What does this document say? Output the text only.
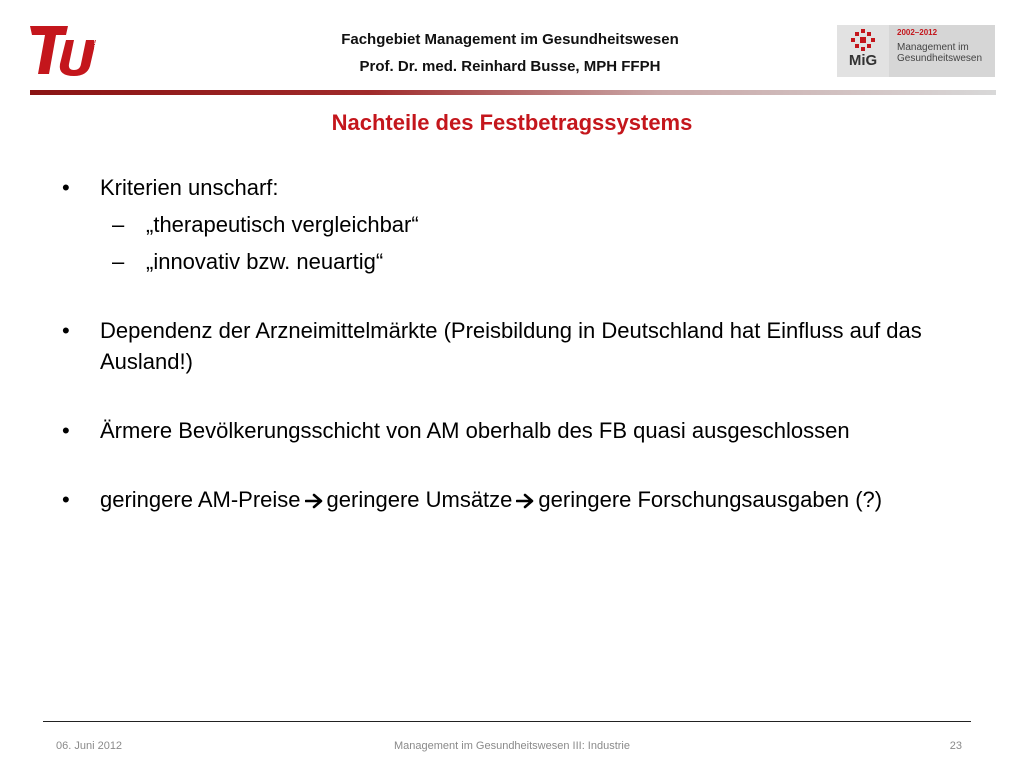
berlin	Fachgebiet Management im Gesundheitswesen
Prof. Dr. med. Reinhard Busse, MPH FFPH	MiG
2002–2012
Management im
Gesundheitswesen
Nachteile des Festbetragssystems
•	Kriterien unscharf:
– „therapeutisch vergleichbar“
– „innovativ bzw. neuartig“
•	Dependenz der Arzneimittelmärkte (Preisbildung in Deutschland hat Einfluss auf das Ausland!)
•	Ärmere Bevölkerungsschicht von AM oberhalb des FB quasi ausgeschlossen
•	geringere AM-Preise geringere Umsätze geringere Forschungsausgaben (?)
06. Juni 2012	Management im Gesundheitswesen III: Industrie	23
